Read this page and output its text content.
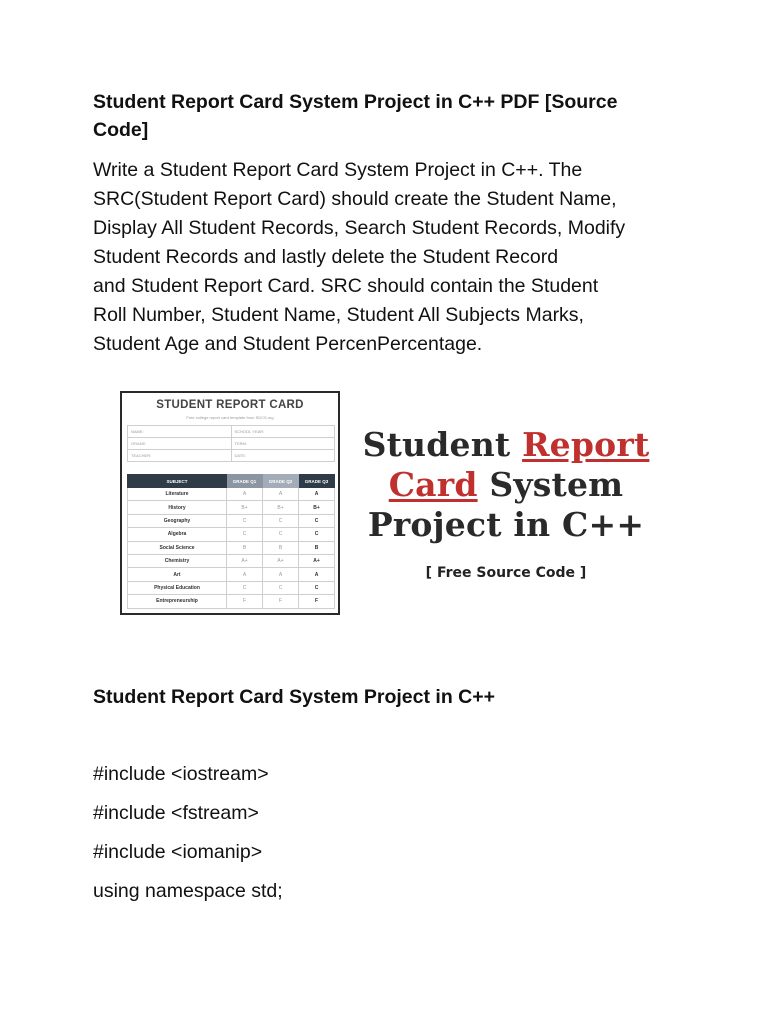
Student Report Card System Project in C++ PDF [Source
Code]

Write a Student Report Card System Project in C++. The
SRC(Student Report Card) should create the Student Name,
Display All Student Records, Search Student Records, Modify
Student Records and lastly delete the Student Record
and Student Report Card. SRC should contain the Student
Roll Number, Student Name, Student All Subjects Marks,
Student Age and Student PercenPercentage.

STUDENT REPORT CARD
Free college report card template from SDCS.org
NAME:	SCHOOL YEAR:
GRADE:	TERM:
TEACHER:	DATE:
SUBJECT	GRADE Q1	GRADE Q2	GRADE Q3
Literature	A	A	A
History	B+	B+	B+
Geography	C	C	C
Algebra	C	C	C
Social Science	B	B	B
Chemistry	A+	A+	A+
Art	A	A	A
Physical Education	C	C	C
Entrepreneurship	F	F	F
Student Report
Card System
Project in C++
[ Free Source Code ]
Student Report Card System Project in C++
#include <iostream>
#include <fstream>
#include <iomanip>
using namespace std;
